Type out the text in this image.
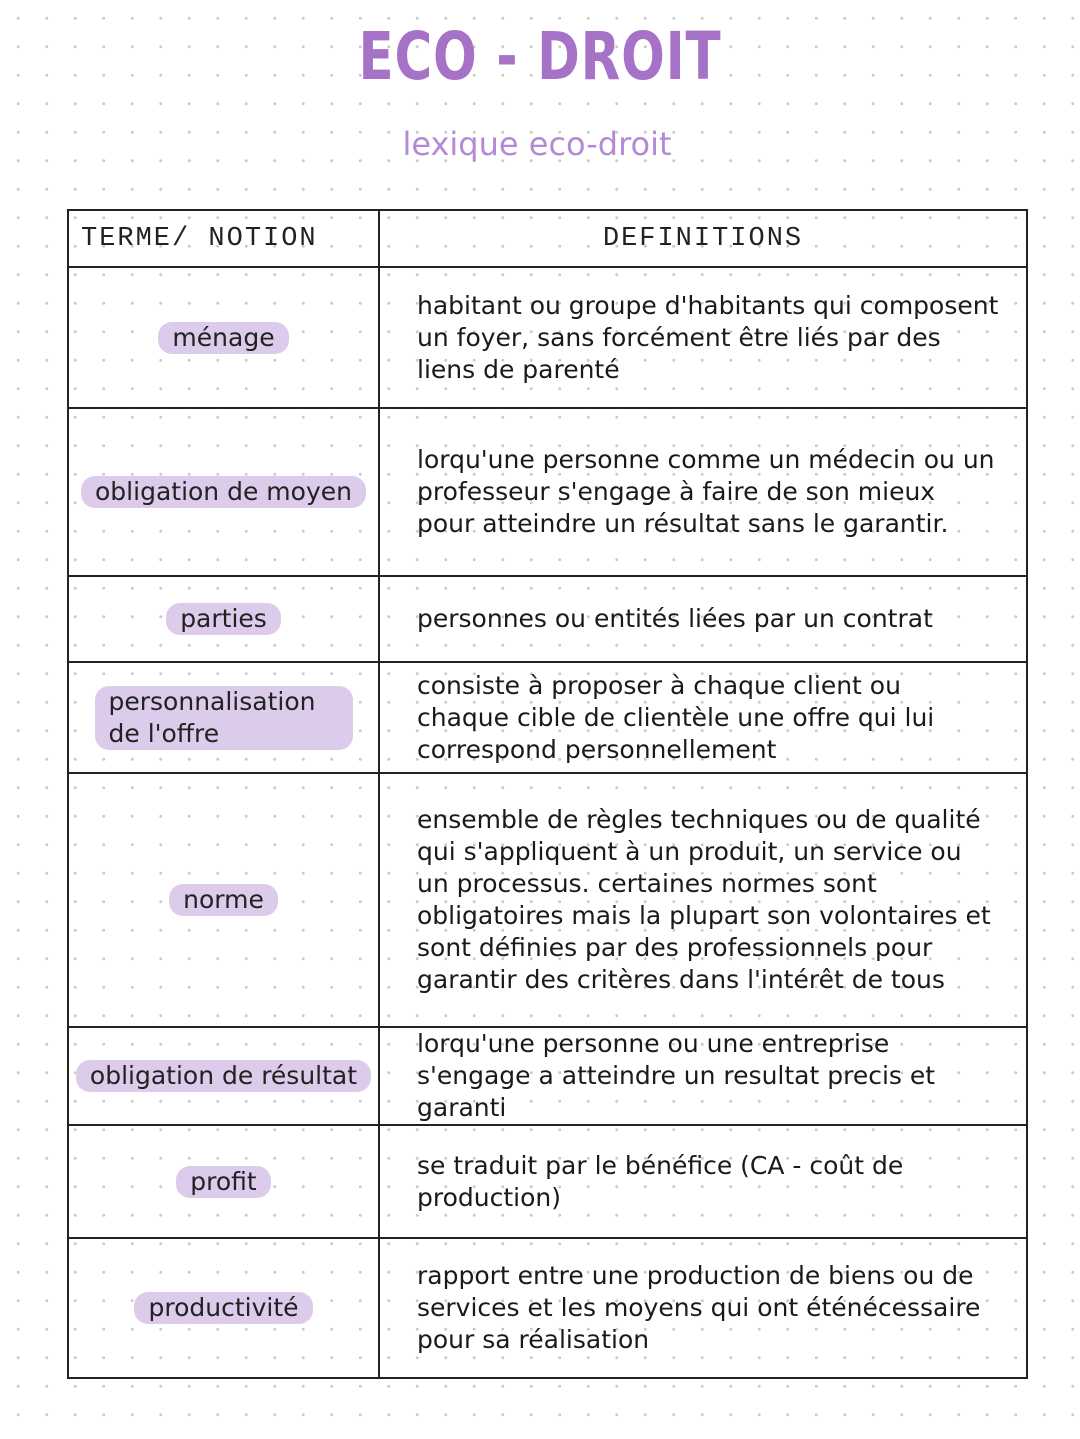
ECO - DROIT
lexique eco-droit
TERME/ NOTION	DEFINITIONS
ménage	habitant ou groupe d'habitants qui composent un foyer, sans forcément être liés par des liens de parenté
obligation de moyen	lorqu'une personne comme un médecin ou un professeur s'engage à faire de son mieux pour atteindre un résultat sans le garantir.
parties	personnes ou entités liées par un contrat
personnalisation de l'offre	consiste à proposer à chaque client ou chaque cible de clientèle une offre qui lui correspond personnellement
norme	ensemble de règles techniques ou de qualité qui s'appliquent à un produit, un service ou un processus. certaines normes sont obligatoires mais la plupart son volontaires et sont définies par des professionnels pour garantir des critères dans l'intérêt de tous
obligation de résultat	lorqu'une personne ou une entreprise s'engage a atteindre un resultat precis et garanti
profit	se traduit par le bénéfice (CA - coût de production)
productivité	rapport entre une production de biens ou de services et les moyens qui ont éténécessaire pour sa réalisation
